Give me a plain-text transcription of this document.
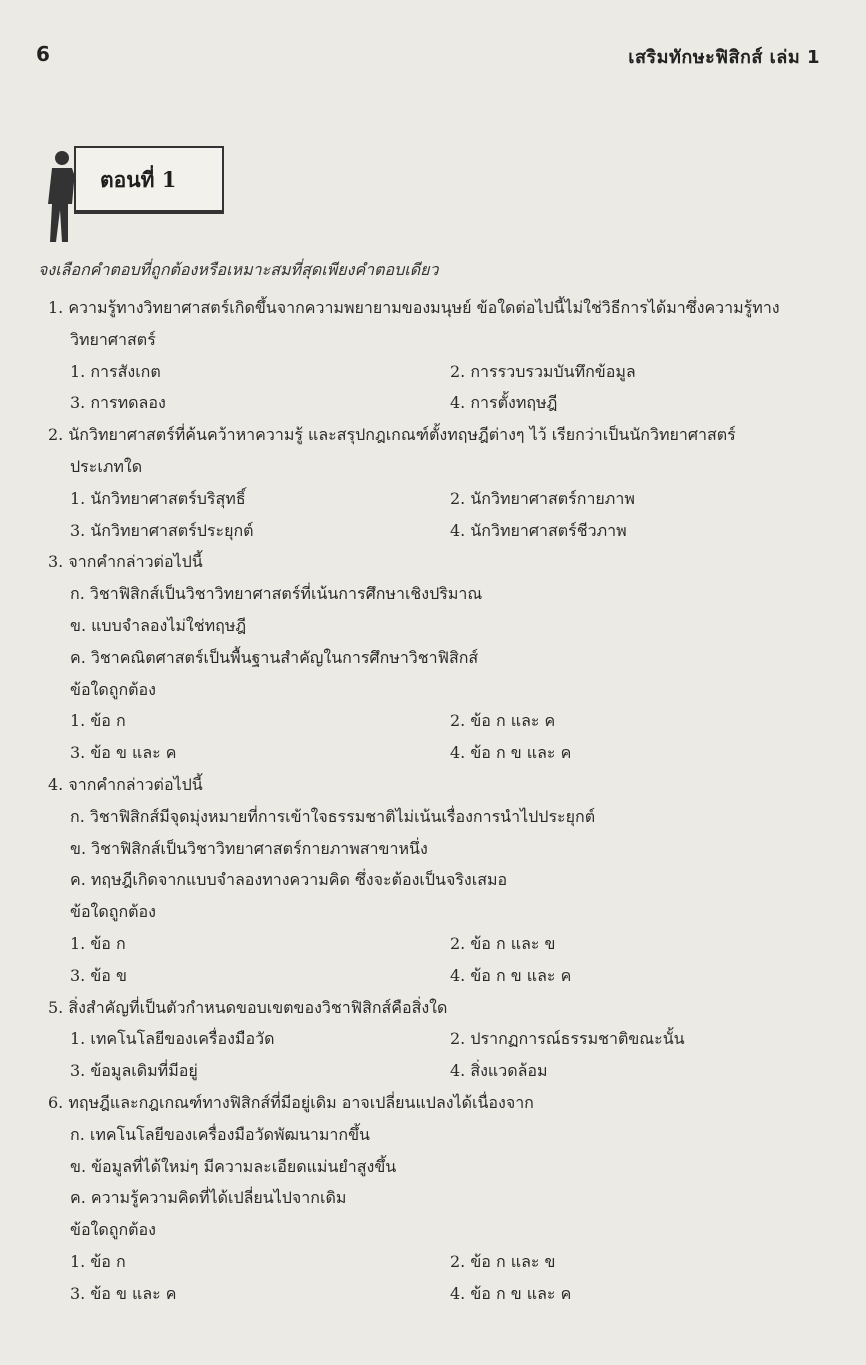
6	เสริมทักษะฟิสิกส์ เล่ม 1
ตอนที่ 1
จงเลือกคำตอบที่ถูกต้องหรือเหมาะสมที่สุดเพียงคำตอบเดียว
1. ความรู้ทางวิทยาศาสตร์เกิดขึ้นจากความพยายามของมนุษย์ ข้อใดต่อไปนี้ไม่ใช่วิธีการได้มาซึ่งความรู้ทาง
วิทยาศาสตร์
1. การสังเกต	2. การรวบรวมบันทึกข้อมูล
3. การทดลอง	4. การตั้งทฤษฎี
2. นักวิทยาศาสตร์ที่ค้นคว้าหาความรู้ และสรุปกฎเกณฑ์ตั้งทฤษฎีต่างๆ ไว้ เรียกว่าเป็นนักวิทยาศาสตร์
ประเภทใด
1. นักวิทยาศาสตร์บริสุทธิ์	2. นักวิทยาศาสตร์กายภาพ
3. นักวิทยาศาสตร์ประยุกต์	4. นักวิทยาศาสตร์ชีวภาพ
3. จากคำกล่าวต่อไปนี้
ก. วิชาฟิสิกส์เป็นวิชาวิทยาศาสตร์ที่เน้นการศึกษาเชิงปริมาณ
ข. แบบจำลองไม่ใช่ทฤษฎี
ค. วิชาคณิตศาสตร์เป็นพื้นฐานสำคัญในการศึกษาวิชาฟิสิกส์
ข้อใดถูกต้อง
1. ข้อ ก	2. ข้อ ก และ ค
3. ข้อ ข และ ค	4. ข้อ ก ข และ ค
4. จากคำกล่าวต่อไปนี้
ก. วิชาฟิสิกส์มีจุดมุ่งหมายที่การเข้าใจธรรมชาติไม่เน้นเรื่องการนำไปประยุกต์
ข. วิชาฟิสิกส์เป็นวิชาวิทยาศาสตร์กายภาพสาขาหนึ่ง
ค. ทฤษฎีเกิดจากแบบจำลองทางความคิด ซึ่งจะต้องเป็นจริงเสมอ
ข้อใดถูกต้อง
1. ข้อ ก	2. ข้อ ก และ ข
3. ข้อ ข	4. ข้อ ก ข และ ค
5. สิ่งสำคัญที่เป็นตัวกำหนดขอบเขตของวิชาฟิสิกส์คือสิ่งใด
1. เทคโนโลยีของเครื่องมือวัด	2. ปรากฏการณ์ธรรมชาติขณะนั้น
3. ข้อมูลเดิมที่มีอยู่	4. สิ่งแวดล้อม
6. ทฤษฎีและกฎเกณฑ์ทางฟิสิกส์ที่มีอยู่เดิม อาจเปลี่ยนแปลงได้เนื่องจาก
ก. เทคโนโลยีของเครื่องมือวัดพัฒนามากขึ้น
ข. ข้อมูลที่ได้ใหม่ๆ มีความละเอียดแม่นยำสูงขึ้น
ค. ความรู้ความคิดที่ได้เปลี่ยนไปจากเดิม
ข้อใดถูกต้อง
1. ข้อ ก	2. ข้อ ก และ ข
3. ข้อ ข และ ค	4. ข้อ ก ข และ ค
